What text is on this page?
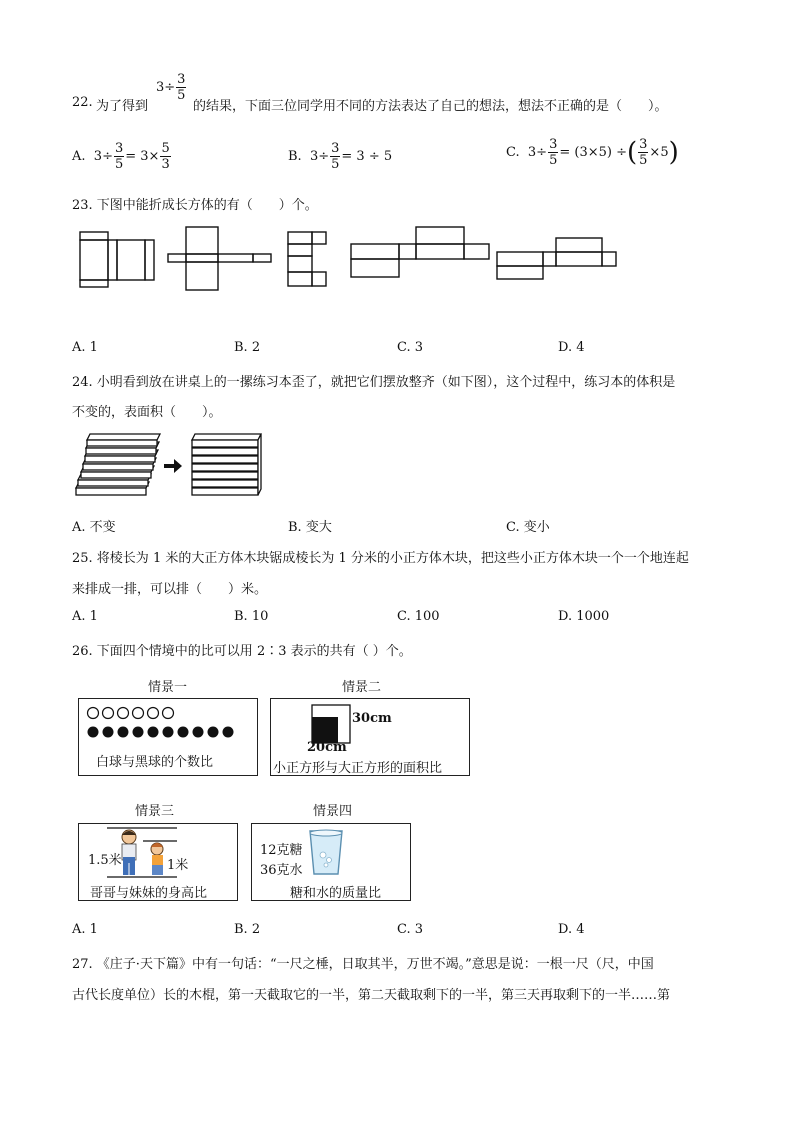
22. 为了得到
$3\div \frac{3}{5}$
的结果，下面三位同学用不同的方法表达了自己的想法，想法不正确的是（　　）。
A. $3\div \frac{3}{5} = 3\times \frac{5}{3}$	B. $3\div \frac{3}{5} = 3 \div 5$	C. $3\div \frac{3}{5} = (3\times 5)$ ÷( $\frac{3}{5} \times 5$)
23. 下图中能折成长方体的有（　　）个。
A. 1	B. 2	C. 3	D. 4
24. 小明看到放在讲桌上的一摞练习本歪了，就把它们摆放整齐（如下图），这个过程中，练习本的体积是
不变的，表面积（　　）。
A. 不变	B. 变大	C. 变小
25. 将棱长为 1 米的大正方体木块锯成棱长为 1 分米的小正方体木块，把这些小正方体木块一个一个地连起
来排成一排，可以排（　　）米。
A. 1	B. 10	C. 100	D. 1000
26. 下面四个情境中的比可以用 2∶3 表示的共有（ ）个。
情景一
白球与黑球的个数比
情景二
30cm
20cm
小正方形与大正方形的面积比
情景三
1.5米	1米
哥哥与妹妹的身高比
情景四
12克糖
36克水
糖和水的质量比
A. 1	B. 2	C. 3	D. 4
27. 《庄子·天下篇》中有一句话：“一尺之棰，日取其半，万世不竭。”意思是说：一根一尺（尺，中国
古代长度单位）长的木棍，第一天截取它的一半，第二天截取剩下的一半，第三天再取剩下的一半……第
